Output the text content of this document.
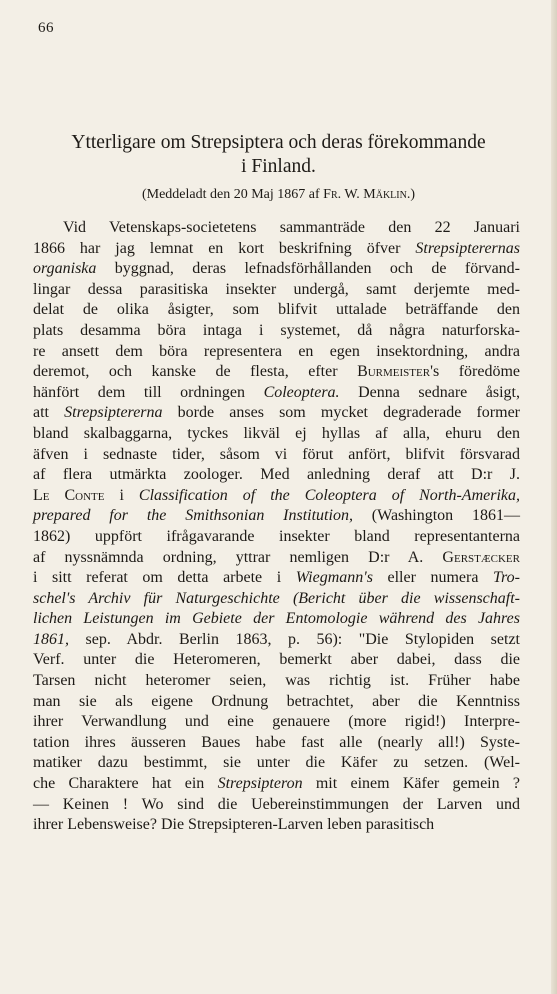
66
Ytterligare om Strepsiptera och deras förekommande
i Finland.
(Meddeladt den 20 Maj 1867 af Fr. W. Mäklin.)
Vid Vetenskaps-societetens sammanträde den 22 Januari
1866 har jag lemnat en kort beskrifning öfver Strepsipterernas
organiska byggnad, deras lefnadsförhållanden och de förvand-
lingar dessa parasitiska insekter undergå, samt derjemte med-
delat de olika åsigter, som blifvit uttalade beträffande den
plats desamma böra intaga i systemet, då några naturforska-
re ansett dem böra representera en egen insektordning, andra
deremot, och kanske de flesta, efter Burmeister's föredöme
hänfört dem till ordningen Coleoptera. Denna sednare åsigt,
att Strepsiptererna borde anses som mycket degraderade former
bland skalbaggarna, tyckes likväl ej hyllas af alla, ehuru den
äfven i sednaste tider, såsom vi förut anfört, blifvit försvarad
af flera utmärkta zoologer. Med anledning deraf att D:r J.
Le Conte i Classification of the Coleoptera of North-Amerika,
prepared for the Smithsonian Institution, (Washington 1861—
1862) uppfört ifrågavarande insekter bland representanterna
af nyssnämnda ordning, yttrar nemligen D:r A. Gerstæcker
i sitt referat om detta arbete i Wiegmann's eller numera Tro-
schel's Archiv für Naturgeschichte (Bericht über die wissenschaft-
lichen Leistungen im Gebiete der Entomologie während des Jahres
1861, sep. Abdr. Berlin 1863, p. 56): "Die Stylopiden setzt
Verf. unter die Heteromeren, bemerkt aber dabei, dass die
Tarsen nicht heteromer seien, was richtig ist. Früher habe
man sie als eigene Ordnung betrachtet, aber die Kenntniss
ihrer Verwandlung und eine genauere (more rigid!) Interpre-
tation ihres äusseren Baues habe fast alle (nearly all!) Syste-
matiker dazu bestimmt, sie unter die Käfer zu setzen. (Wel-
che Charaktere hat ein Strepsipteron mit einem Käfer gemein ?
— Keinen ! Wo sind die Uebereinstimmungen der Larven und
ihrer Lebensweise? Die Strepsipteren-Larven leben parasitisch
